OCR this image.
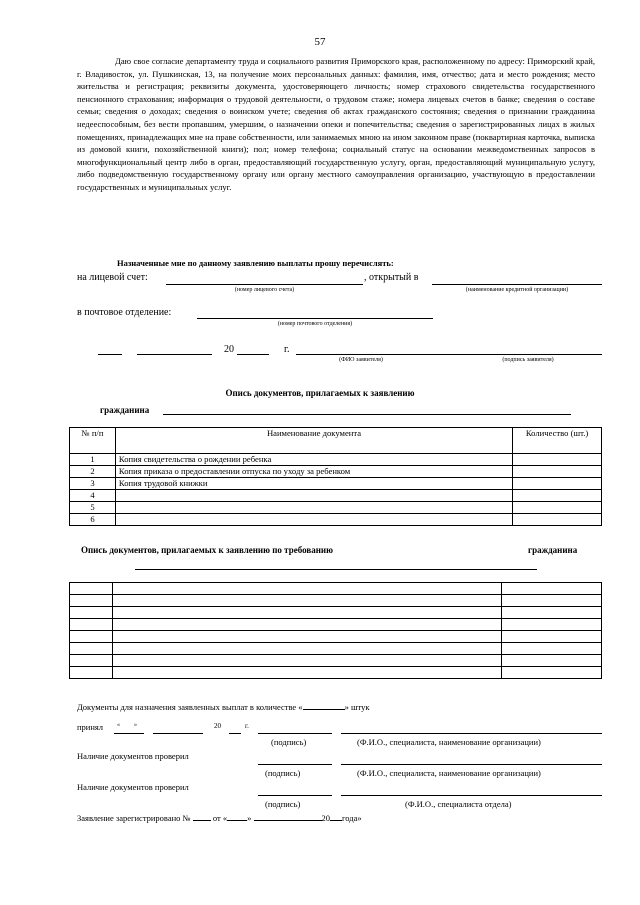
57
Даю свое согласие департаменту труда и социального развития Приморского края, расположенному по адресу: Приморский край, г. Владивосток, ул. Пушкинская, 13, на получение моих персональных данных: фамилия, имя, отчество; дата и место рождения; место жительства и регистрация; реквизиты документа, удостоверяющего личность; номер страхового свидетельства государственного пенсионного страхования; информация о трудовой деятельности, о трудовом стаже; номера лицевых счетов в банке; сведения о составе семьи; сведения о доходах; сведения о воинском учете; сведения об актах гражданского состояния; сведения о признании гражданина недееспособным, без вести пропавшим, умершим, о назначении опеки и попечительства; сведения о зарегистрированных лицах в жилых помещениях, принадлежащих мне на праве собственности, или занимаемых мною на ином законном праве (поквартирная карточка, выписка из домовой книги, похозяйственной книги); пол; номер телефона; социальный статус на основании межведомственных запросов в многофункциональный центр либо в орган, предоставляющий государственную услугу, орган, предоставляющий муниципальную услугу, либо подведомственную государственному органу или органу местного самоуправления организацию, участвующую в предоставлении государственных и муниципальных услуг.
Назначенные мне по данному заявлению выплаты прошу перечислять:
на лицевой счет:	, открытый в
(номер лицевого счета)	(наименование кредитной организации)
в почтовое отделение:
(номер почтового отделения)
20	г.
(ФИО заявителя)	(подпись заявителя)
Опись документов, прилагаемых к заявлению
гражданина
№ п/п	Наименование документа	Количество (шт.)
1	Копия свидетельства о рождении ребенка	
2	Копия приказа о предоставлении отпуска по уходу за ребенком	
3	Копия трудовой книжки	
4		
5		
6		
Опись документов, прилагаемых к заявлению по требованию	гражданина

Документы для назначения заявленных выплат в количестве «	» штук
принял « »	20	г.
(подпись)	(Ф.И.О., специалиста, наименование организации)
Наличие документов проверил
(подпись)	(Ф.И.О., специалиста, наименование организации)
Наличие документов проверил
(подпись)	(Ф.И.О., специалиста отдела)
Заявление зарегистрировано №	от « »	20 года»
